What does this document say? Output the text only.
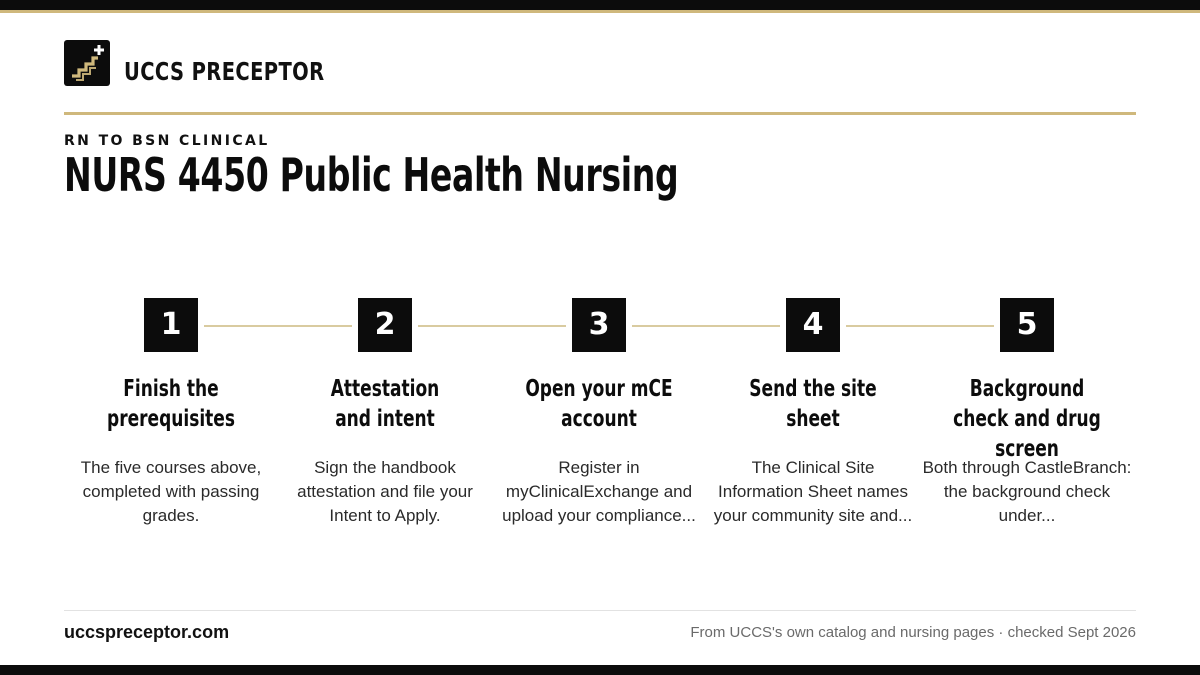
UCCS PRECEPTOR
RN TO BSN CLINICAL
NURS 4450 Public Health Nursing
1
Finish the prerequisites
The five courses above, completed with passing grades.
2
Attestation and intent
Sign the handbook attestation and file your Intent to Apply.
3
Open your mCE account
Register in myClinicalExchange and upload your compliance...
4
Send the site sheet
The Clinical Site Information Sheet names your community site and...
5
Background check and drug screen
Both through CastleBranch: the background check under...
uccspreceptor.com	From UCCS's own catalog and nursing pages · checked Sept 2026
